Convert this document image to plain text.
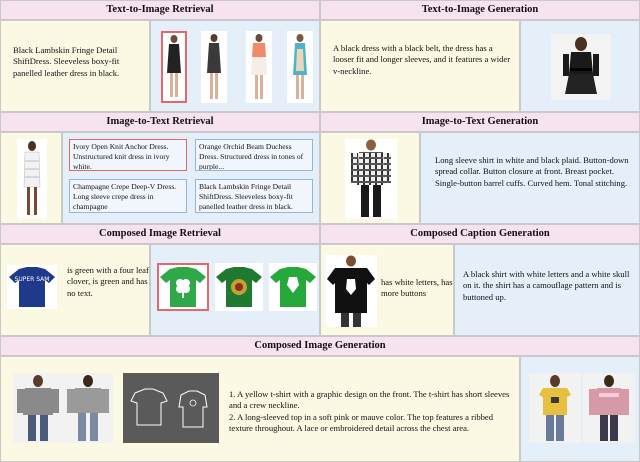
Text-to-Image Retrieval	Text-to-Image Generation
Black Lambskin Fringe Detail ShiftDress. Sleeveless boxy-fit panelled leather dress in black.
A black dress with a black belt, the dress has a looser fit and longer sleeves, and it features a wider v-neckline.
Image-to-Text Retrieval	Image-to-Text Generation
Ivory Open Knit Anchor Dress. Unstructured knit dress in ivory white.
Orange Orchid Beam Duchess Dress. Structured dress in tones of purple...
Champagne Crepe Deep-V Dress. Long sleeve crepe dress in champagne
Black Lambskin Fringe Detail ShiftDress. Sleeveless boxy-fit panelled leather dress in black.
Long sleeve shirt in white and black plaid. Button-down spread collar. Button closure at front. Breast pocket. Single-button barrel cuffs. Curved hem. Tonal stitching.
Composed Image Retrieval	Composed Caption Generation
SUPER SAM
is green with a four leaf clover, is green and has no text.
has white letters, has more buttons
A black shirt with white letters and a white skull on it. the shirt has a camouflage pattern and is buttoned up.
Composed Image Generation
1. A yellow t-shirt with a graphic design on the front. The t-shirt has short sleeves and a crew neckline.
2. A long-sleeved top in a soft pink or mauve color. The top features a ribbed texture throughout. A lace or embroidered detail across the chest area.
